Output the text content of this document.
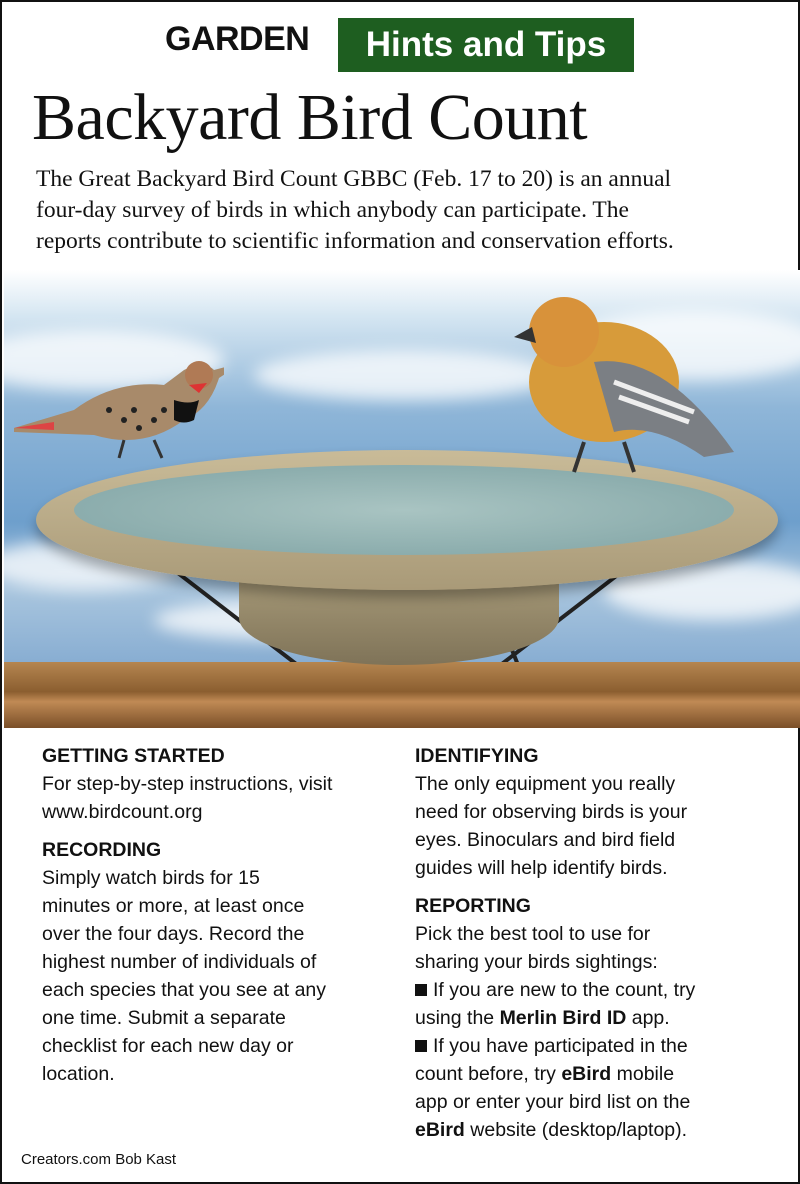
GARDEN	Hints and Tips
Backyard Bird Count
The Great Backyard Bird Count GBBC (Feb. 17 to 20) is an annual
four-day survey of birds in which anybody can participate. The
reports contribute to scientific information and conservation efforts.
GETTING STARTED
For step-by-step instructions, visit
www.birdcount.org
RECORDING
Simply watch birds for 15
minutes or more, at least once
over the four days. Record the
highest number of individuals of
each species that you see at any
one time. Submit a separate
checklist for each new day or
location.
IDENTIFYING
The only equipment you really
need for observing birds is your
eyes. Binoculars and bird field
guides will help identify birds.
REPORTING
Pick the best tool to use for
sharing your birds sightings:
If you are new to the count, try
using the Merlin Bird ID app.
If you have participated in the
count before, try eBird mobile
app or enter your bird list on the
eBird website (desktop/laptop).
Creators.com Bob Kast
